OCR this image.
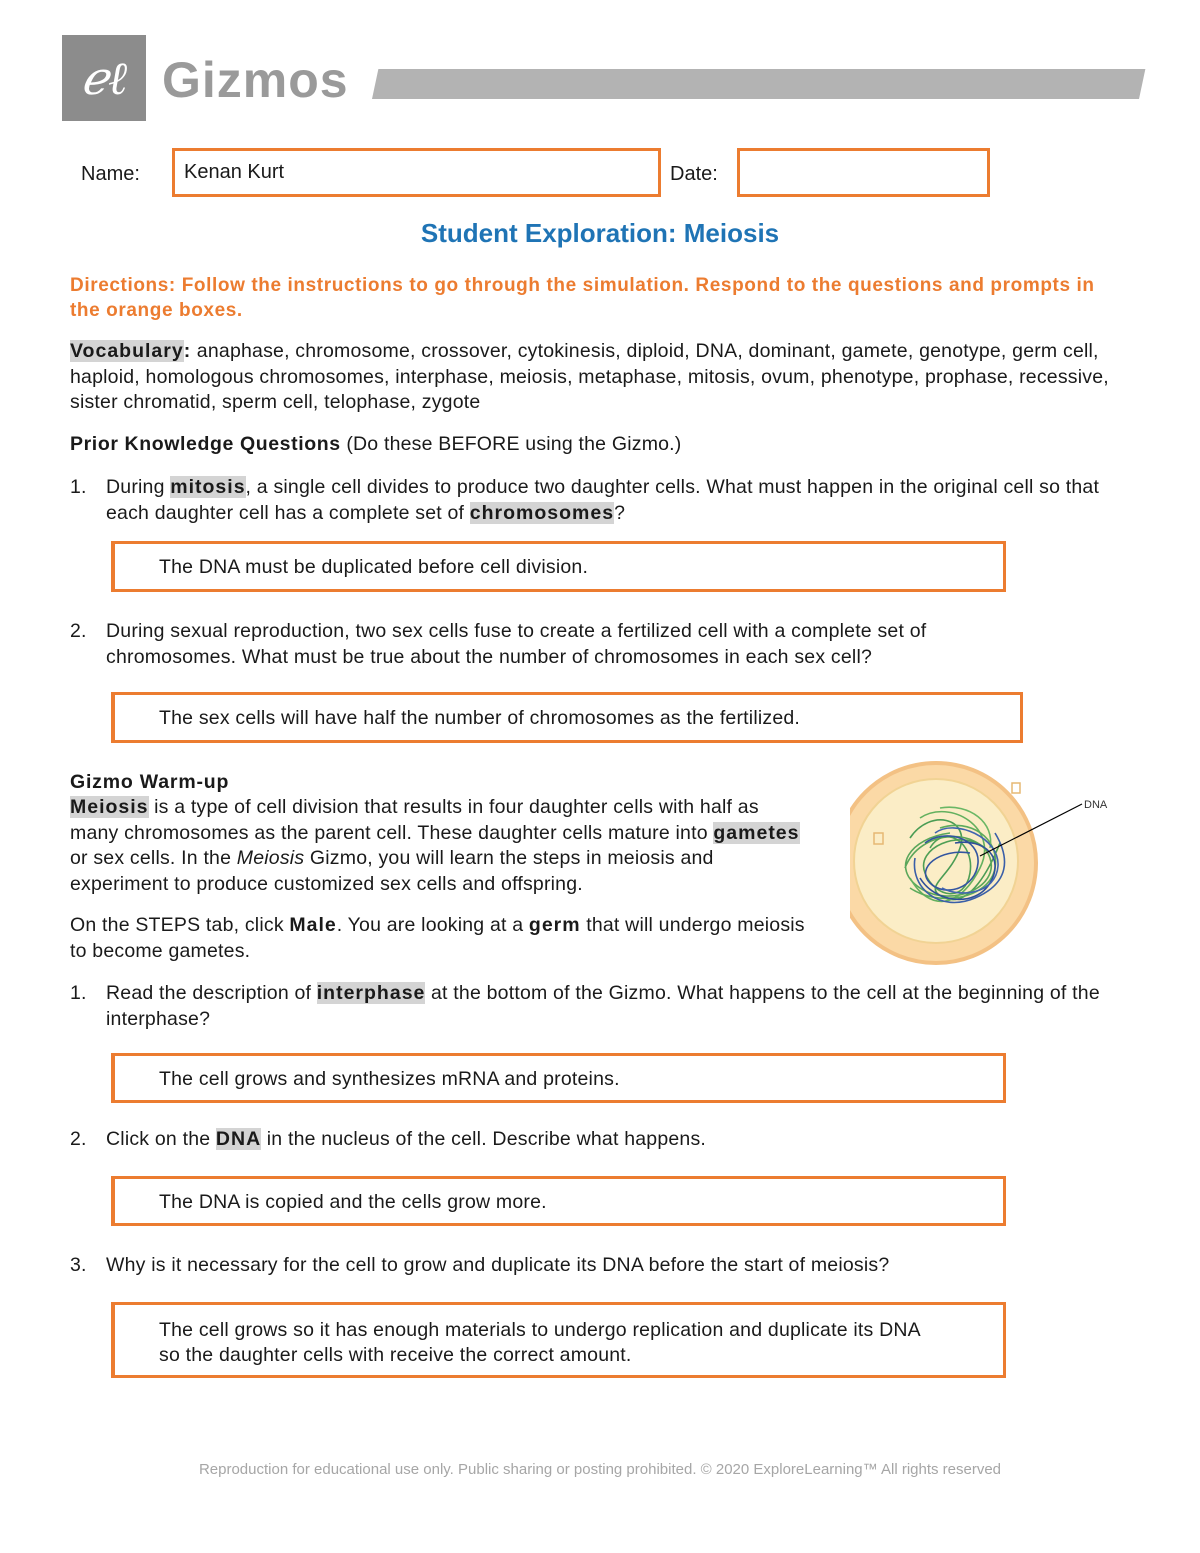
ℯℓ Gizmos
Name: Kenan Kurt	Date:
Student Exploration: Meiosis
Directions: Follow the instructions to go through the simulation. Respond to the questions and prompts in the orange boxes.
Vocabulary: anaphase, chromosome, crossover, cytokinesis, diploid, DNA, dominant, gamete, genotype, germ cell, haploid, homologous chromosomes, interphase, meiosis, metaphase, mitosis, ovum, phenotype, prophase, recessive, sister chromatid, sperm cell, telophase, zygote
Prior Knowledge Questions (Do these BEFORE using the Gizmo.)
1. During mitosis, a single cell divides to produce two daughter cells. What must happen in the original cell so that each daughter cell has a complete set of chromosomes?
The DNA must be duplicated before cell division.
2. During sexual reproduction, two sex cells fuse to create a fertilized cell with a complete set of chromosomes. What must be true about the number of chromosomes in each sex cell?
The sex cells will have half the number of chromosomes as the fertilized.
Gizmo Warm-up
Meiosis is a type of cell division that results in four daughter cells with half as many chromosomes as the parent cell. These daughter cells mature into gametes or sex cells. In the Meiosis Gizmo, you will learn the steps in meiosis and experiment to produce customized sex cells and offspring.
On the STEPS tab, click Male. You are looking at a germ that will undergo meiosis to become gametes.
DNA
1. Read the description of interphase at the bottom of the Gizmo. What happens to the cell at the beginning of the interphase?
The cell grows and synthesizes mRNA and proteins.
2. Click on the DNA in the nucleus of the cell. Describe what happens.
The DNA is copied and the cells grow more.
3. Why is it necessary for the cell to grow and duplicate its DNA before the start of meiosis?
The cell grows so it has enough materials to undergo replication and duplicate its DNA
so the daughter cells with receive the correct amount.
Reproduction for educational use only. Public sharing or posting prohibited. © 2020 ExploreLearning™ All rights reserved
